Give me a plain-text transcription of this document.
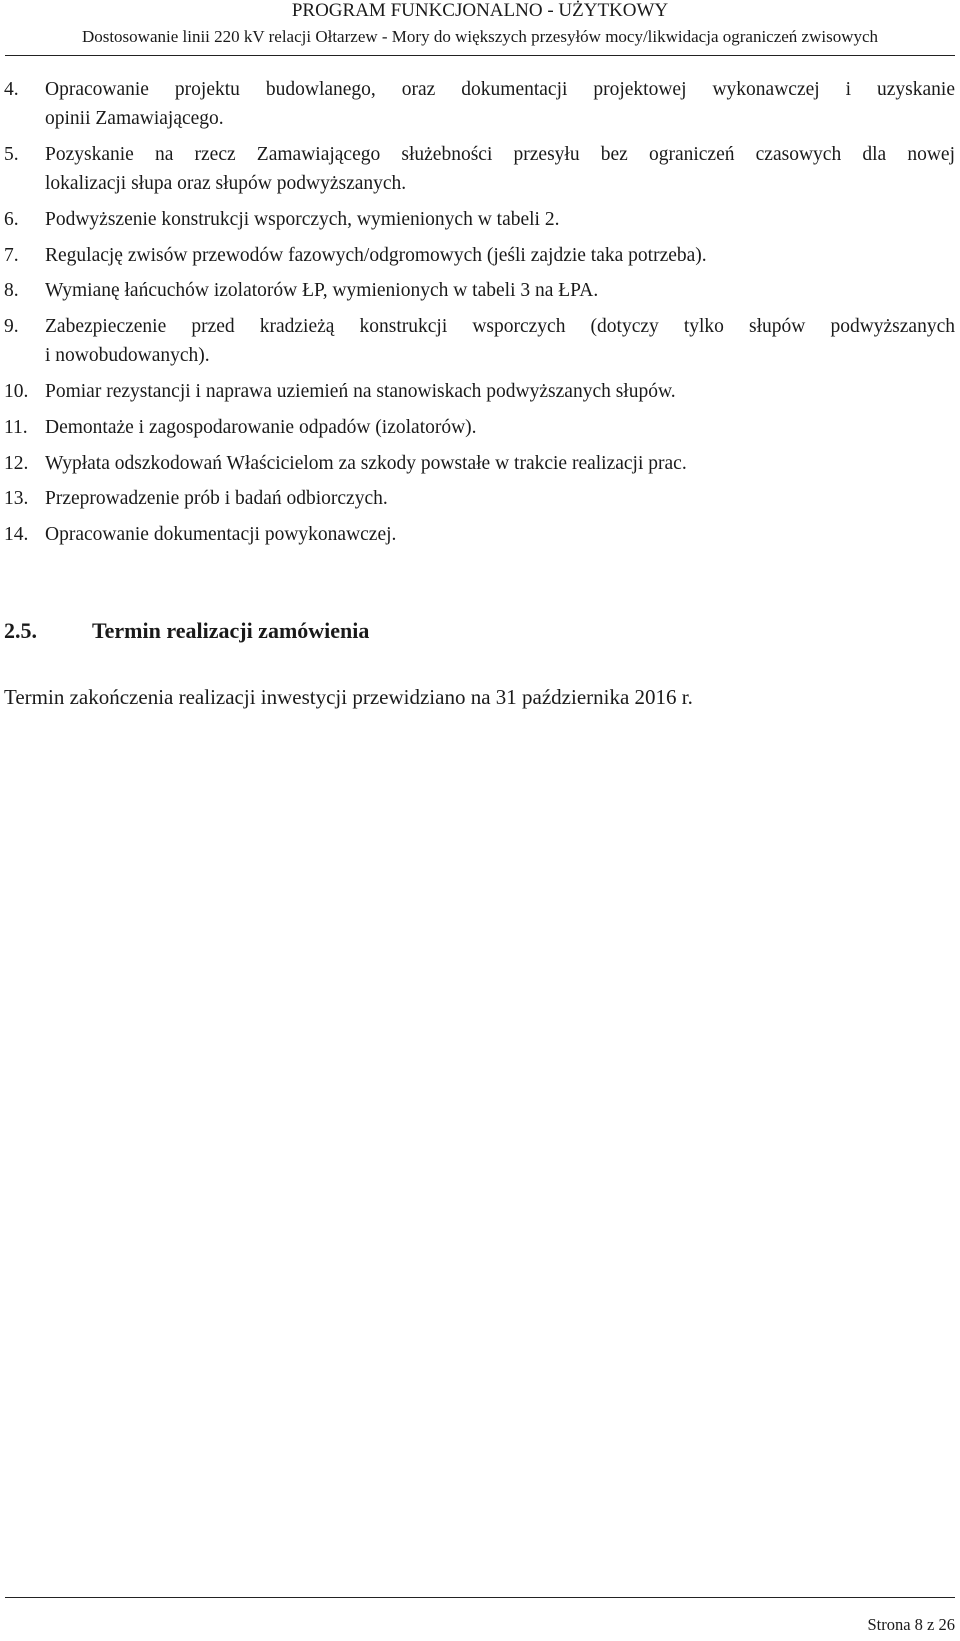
PROGRAM FUNKCJONALNO - UŻYTKOWY
Dostosowanie linii 220 kV relacji Ołtarzew - Mory do większych przesyłów mocy/likwidacja ograniczeń zwisowych
4. Opracowanie projektu budowlanego, oraz dokumentacji projektowej wykonawczej i uzyskanie
opinii Zamawiającego.
5. Pozyskanie na rzecz Zamawiającego służebności przesyłu bez ograniczeń czasowych dla nowej
lokalizacji słupa oraz słupów podwyższanych.
6. Podwyższenie konstrukcji wsporczych, wymienionych w tabeli 2.
7. Regulację zwisów przewodów fazowych/odgromowych (jeśli zajdzie taka potrzeba).
8. Wymianę łańcuchów izolatorów ŁP, wymienionych w tabeli 3 na ŁPA.
9. Zabezpieczenie przed kradzieżą konstrukcji wsporczych (dotyczy tylko słupów podwyższanych
i nowobudowanych).
10. Pomiar rezystancji i naprawa uziemień na stanowiskach podwyższanych słupów.
11. Demontaże i zagospodarowanie odpadów (izolatorów).
12. Wypłata odszkodowań Właścicielom za szkody powstałe w trakcie realizacji prac.
13. Przeprowadzenie prób i badań odbiorczych.
14. Opracowanie dokumentacji powykonawczej.
2.5.	Termin realizacji zamówienia
Termin zakończenia realizacji inwestycji przewidziano na 31 października 2016 r.
Strona 8 z 26
